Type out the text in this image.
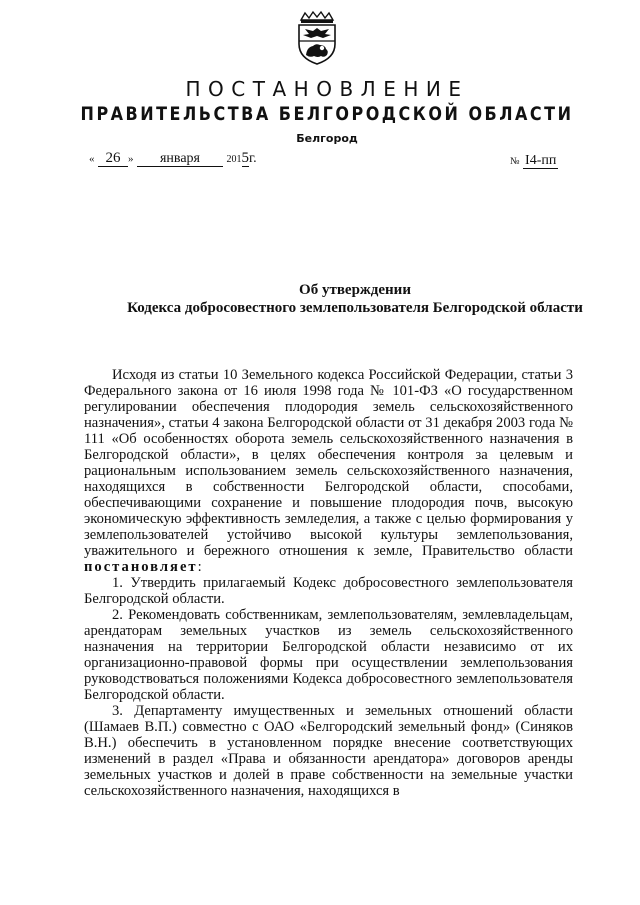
ПОСТАНОВЛЕНИЕ
ПРАВИТЕЛЬСТВА БЕЛГОРОДСКОЙ ОБЛАСТИ
Белгород
« 26 » января	2015г.	№ I4-пп
Об утверждении
Кодекса добросовестного землепользователя Белгородской области

Исходя из статьи 10 Земельного кодекса Российской Федерации, статьи 3 Федерального закона от 16 июля 1998 года № 101-ФЗ «О государственном регулировании обеспечения плодородия земель сельскохозяйственного назначения», статьи 4 закона Белгородской области от 31 декабря 2003 года № 111 «Об особенностях оборота земель сельскохозяйственного назначения в Белгородской области», в целях обеспечения контроля за целевым и рациональным использованием земель сельскохозяйственного назначения, находящихся в собственности Белгородской области, способами, обеспечивающими сохранение и повышение плодородия почв, высокую экономическую эффективность земледелия, а также с целью формирования у землепользователей устойчиво высокой культуры землепользования, уважительного и бережного отношения к земле, Правительство области постановляет:

1. Утвердить прилагаемый Кодекс добросовестного землепользователя Белгородской области.

2. Рекомендовать собственникам, землепользователям, землевладельцам, арендаторам земельных участков из земель сельскохозяйственного назначения на территории Белгородской области независимо от их организационно-правовой формы при осуществлении землепользования руководствоваться положениями Кодекса добросовестного землепользователя Белгородской области.

3. Департаменту имущественных и земельных отношений области (Шамаев В.П.) совместно с ОАО «Белгородский земельный фонд» (Синяков В.Н.) обеспечить в установленном порядке внесение соответствующих изменений в раздел «Права и обязанности арендатора» договоров аренды земельных участков и долей в праве собственности на земельные участки сельскохозяйственного назначения, находящихся в
